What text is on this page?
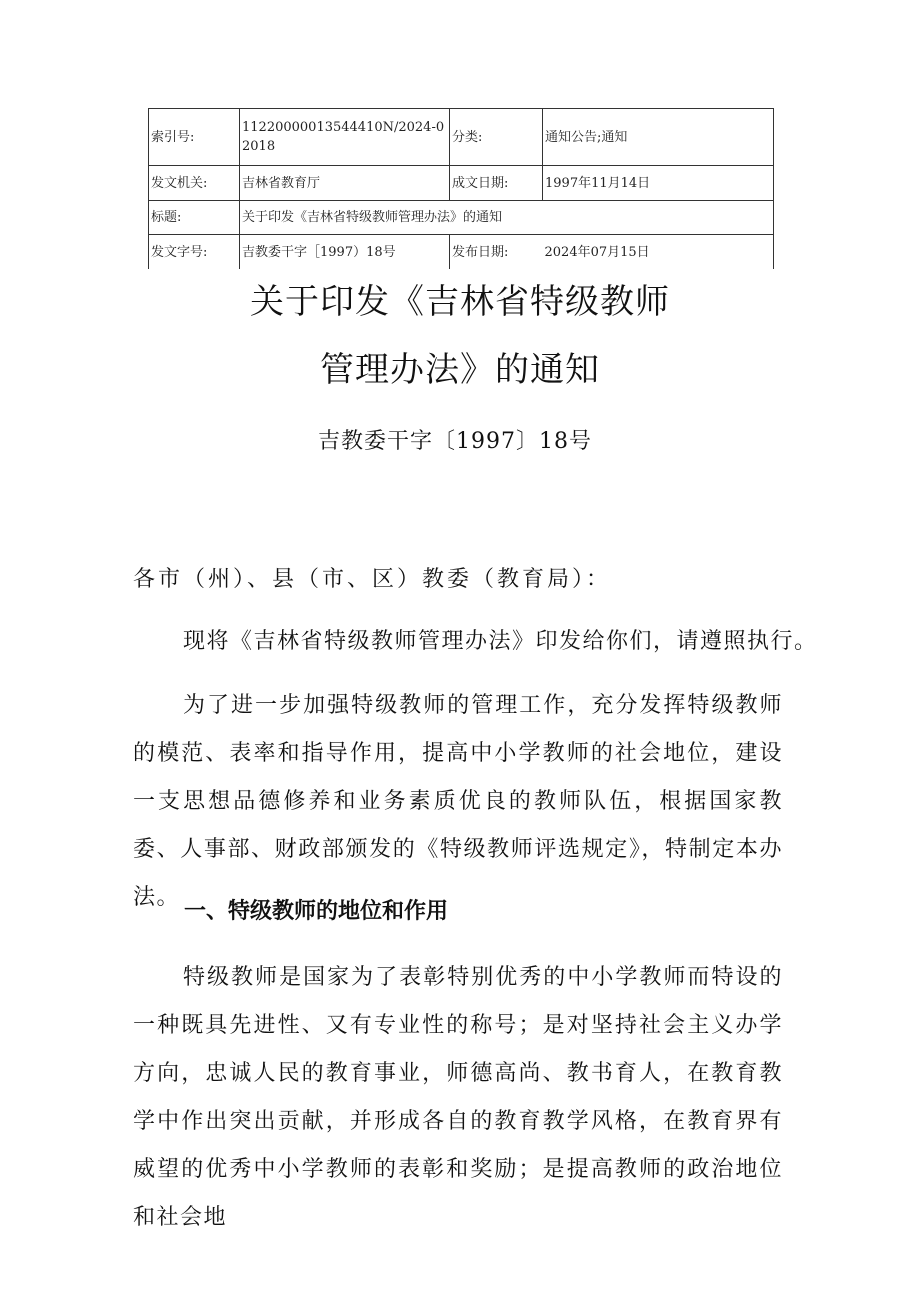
索引号:	11220000013544410N/2024-02018	分类:	通知公告;通知
发文机关:	吉林省教育厅	成文日期:	1997年11月14日
标题:	关于印发《吉林省特级教师管理办法》的通知		
发文字号:	吉教委干字［1997）18号	发布日期:	2024年07月15日
关于印发《吉林省特级教师
管理办法》的通知
吉教委干字〔1997〕18号
各市（州）、县（市、区）教委（教育局）：
现将《吉林省特级教师管理办法》印发给你们，请遵照执行。
为了进一步加强特级教师的管理工作，充分发挥特级教师的模范、表率和指导作用，提高中小学教师的社会地位，建设一支思想品德修养和业务素质优良的教师队伍，根据国家教委、人事部、财政部颁发的《特级教师评选规定》，特制定本办法。
一、特级教师的地位和作用
特级教师是国家为了表彰特别优秀的中小学教师而特设的一种既具先进性、又有专业性的称号；是对坚持社会主义办学方向，忠诚人民的教育事业，师德高尚、教书育人，在教育教学中作出突出贡献，并形成各自的教育教学风格，在教育界有威望的优秀中小学教师的表彰和奖励；是提高教师的政治地位和社会地
